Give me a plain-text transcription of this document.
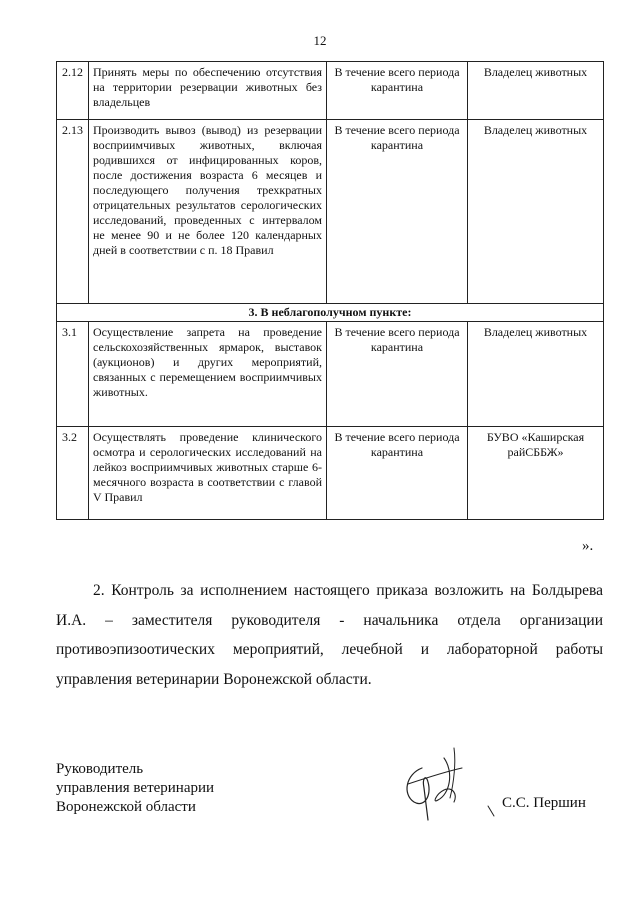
12
2.12	Принять меры по обеспечению отсутствия на территории резервации животных без владельцев	В течение всего периода карантина	Владелец животных
2.13	Производить вывоз (вывод) из резервации восприимчивых животных, включая родившихся от инфицированных коров, после достижения возраста 6 месяцев и последующего получения трехкратных отрицательных результатов серологических исследований, проведенных с интервалом не менее 90 и не более 120 календарных дней в соответствии с п. 18 Правил	В течение всего периода карантина	Владелец животных
3. В неблагополучном пункте:			
3.1	Осуществление запрета на проведение сельскохозяйственных ярмарок, выставок (аукционов) и других мероприятий, связанных с перемещением восприимчивых животных.	В течение всего периода карантина	Владелец животных
3.2	Осуществлять проведение клинического осмотра и серологических исследований на лейкоз восприимчивых животных старше 6-месячного возраста в соответствии с главой V Правил	В течение всего периода карантина	БУВО «Каширская райСББЖ»
».
2. Контроль за исполнением настоящего приказа возложить на Болдырева И.А. – заместителя руководителя - начальника отдела организации противоэпизоотических мероприятий, лечебной и лабораторной работы управления ветеринарии Воронежской области.
Руководитель
управления ветеринарии
Воронежской области	С.С. Першин
